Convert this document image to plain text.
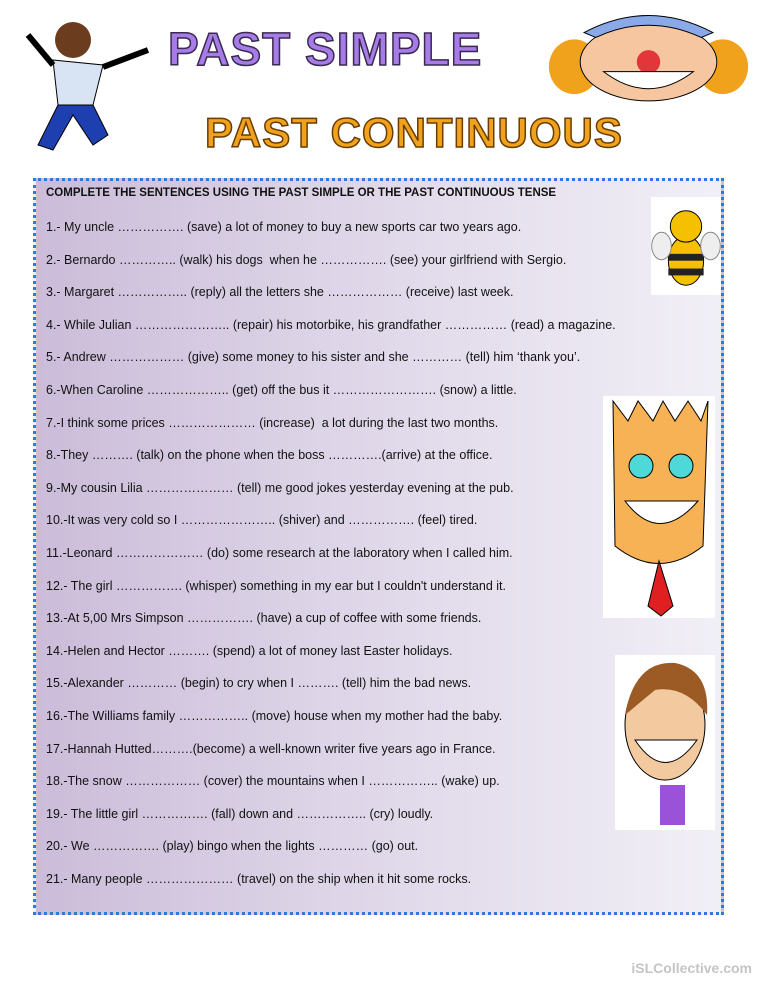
PAST SIMPLE
PAST CONTINUOUS
COMPLETE THE SENTENCES USING THE PAST SIMPLE OR THE PAST CONTINUOUS TENSE
1.- My uncle ……………. (save) a lot of money to buy a new sports car two years ago.
2.- Bernardo ………….. (walk) his dogs  when he ……………. (see) your girlfriend with Sergio.
3.- Margaret …………….. (reply) all the letters she ……………… (receive) last week.
4.- While Julian ………………….. (repair) his motorbike, his grandfather …………… (read) a magazine.
5.- Andrew ……………… (give) some money to his sister and she ………… (tell) him ‘thank you’.
6.-When Caroline ……………….. (get) off the bus it ……………………. (snow) a little.
7.-I think some prices ………………… (increase)  a lot during the last two months.
8.-They ………. (talk) on the phone when the boss ………….(arrive) at the office.
9.-My cousin Lilia ………………… (tell) me good jokes yesterday evening at the pub.
10.-It was very cold so I ………………….. (shiver) and ……………. (feel) tired.
11.-Leonard ………………… (do) some research at the laboratory when I called him.
12.- The girl ……………. (whisper) something in my ear but I couldn't understand it.
13.-At 5,00 Mrs Simpson ……………. (have) a cup of coffee with some friends.
14.-Helen and Hector ………. (spend) a lot of money last Easter holidays.
15.-Alexander ………… (begin) to cry when I ………. (tell) him the bad news.
16.-The Williams family …………….. (move) house when my mother had the baby.
17.-Hannah Hutted……….(become) a well-known writer five years ago in France.
18.-The snow ……………… (cover) the mountains when I …………….. (wake) up.
19.- The little girl ……………. (fall) down and …………….. (cry) loudly.
20.- We ……………. (play) bingo when the lights ………… (go) out.
21.- Many people ………………… (travel) on the ship when it hit some rocks.
iSLCollective.com
